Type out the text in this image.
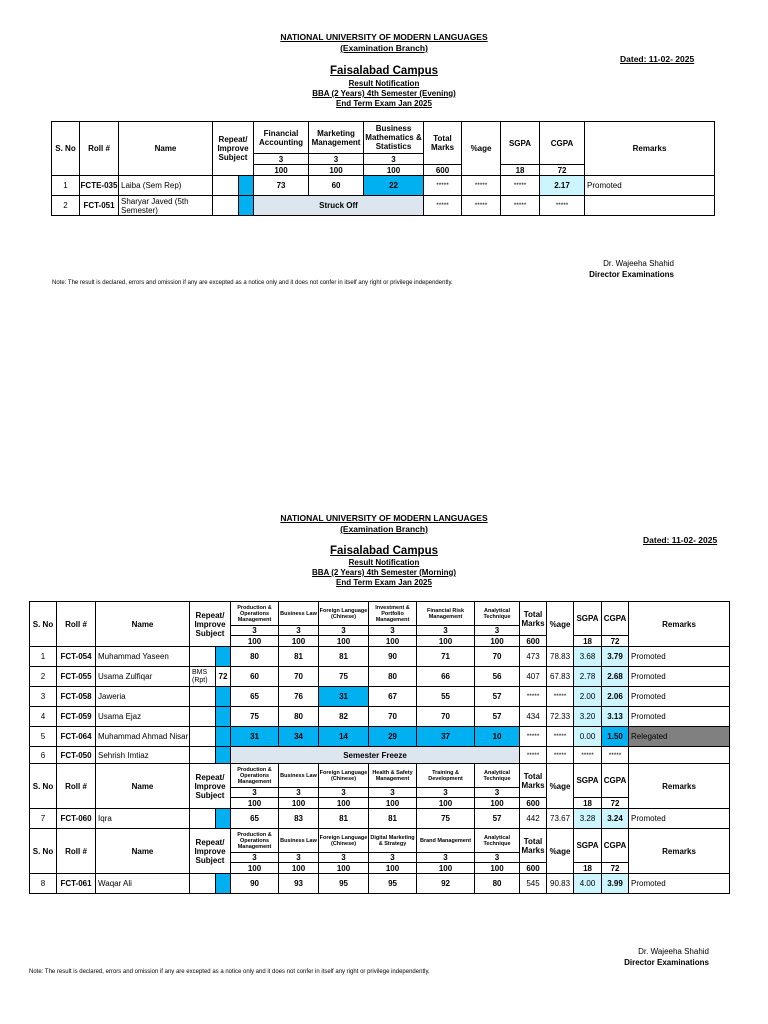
NATIONAL UNIVERSITY OF MODERN LANGUAGES
(Examination Branch)
Dated: 11-02- 2025
Faisalabad Campus
Result Notification
BBA (2 Years) 4th Semester (Evening)
End Term Exam Jan 2025
S. No	Roll #	Name	Repeat/ Improve Subject		Financial Accounting	Marketing Management	Business Mathematics & Statistics	Total Marks	%age	SGPA	CGPA	Remarks
					3	3	3					
					100	100	100	600		18	72	
1	FCTE-035	Laiba (Sem Rep)			73	60	22	*****	*****	*****	2.17	Promoted
2	FCT-051	Sharyar Javed (5th Semester)			Struck Off			*****	*****	*****	*****	
Dr. Wajeeha Shahid
Director Examinations
Note: The result is declared, errors and omission if any are excepted as a notice only and it does not confer in itself any right or privilege independently.
NATIONAL UNIVERSITY OF MODERN LANGUAGES
(Examination Branch)
Dated: 11-02- 2025
Faisalabad Campus
Result Notification
BBA (2 Years) 4th Semester (Morning)
End Term Exam Jan 2025
S. No	Roll #	Name	Repeat/ Improve Subject		Production & Operations Management	Business Law	Foreign Language (Chinese)	Investment & Portfolio Management	Financial Risk Management	Analytical Technique	Total Marks	%age	SGPA	CGPA	Remarks
					3	3	3	3	3	3					
					100	100	100	100	100	100	600		18	72	
1	FCT-054	Muhammad Yaseen			80	81	81	90	71	70	473	78.83	3.68	3.79	Promoted
2	FCT-055	Usama Zulfiqar	BMS (Rpt)	72	60	70	75	80	66	56	407	67.83	2.78	2.68	Promoted
3	FCT-058	Jaweria			65	76	31	67	55	57	*****	*****	2.00	2.06	Promoted
4	FCT-059	Usama Ejaz			75	80	82	70	70	57	434	72.33	3.20	3.13	Promoted
5	FCT-064	Muhammad Ahmad Nisar			31	34	14	29	37	10	*****	*****	0.00	1.50	Relegated
6	FCT-050	Sehrish Imtiaz			Semester Freeze						*****	*****	*****	*****	
S. No	Roll #	Name	Repeat/ Improve Subject		Production & Operations Management	Business Law	Foreign Language (Chinese)	Health & Safety Management	Training & Development	Analytical Technique	Total Marks	%age	SGPA	CGPA	Remarks
					3	3	3	3	3	3					
					100	100	100	100	100	100	600		18	72	
7	FCT-060	Iqra			65	83	81	81	75	57	442	73.67	3.28	3.24	Promoted
S. No	Roll #	Name	Repeat/ Improve Subject		Production & Operations Management	Business Law	Foreign Language (Chinese)	Digital Marketing & Strategy	Brand Management	Analytical Technique	Total Marks	%age	SGPA	CGPA	Remarks
					3	3	3	3	3	3					
					100	100	100	100	100	100	600		18	72	
8	FCT-061	Waqar Ali			90	93	95	95	92	80	545	90.83	4.00	3.99	Promoted
Dr. Wajeeha Shahid
Director Examinations
Note: The result is declared, errors and omission if any are excepted as a notice only and it does not confer in itself any right or privilege independently.
